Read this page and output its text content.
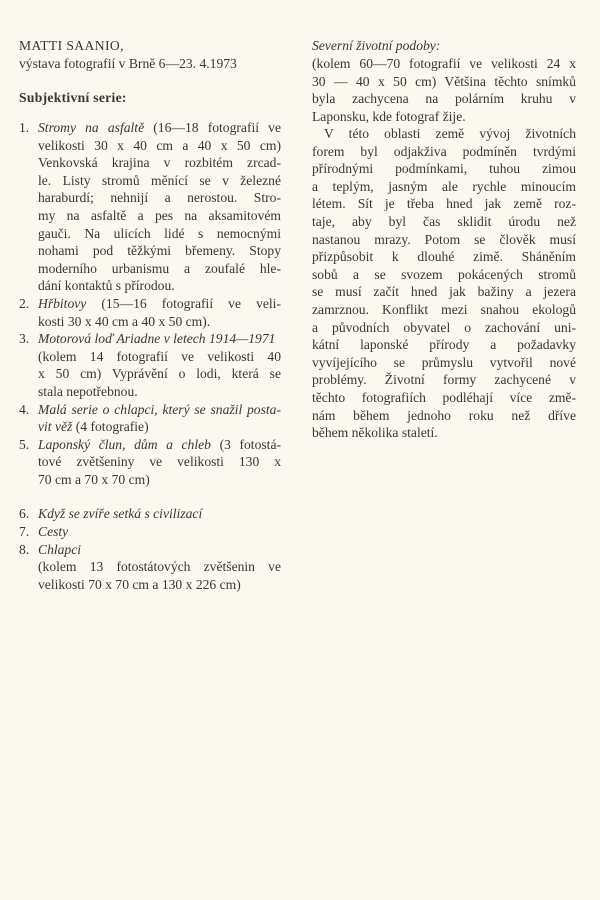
MATTI SAANIO,
výstava fotografií v Brně 6—23. 4.1973
Subjektivní serie:
1. Stromy na asfaltě (16—18 fotografií ve
velikosti 30 x 40 cm a 40 x 50 cm)
Venkovská krajina v rozbitém zrcad-
le. Listy stromů měnící se v železné
haraburdí; nehnijí a nerostou. Stro-
my na asfaltě a pes na aksamitovém
gauči. Na ulicích lidé s nemocnými
nohami pod těžkými břemeny. Stopy
moderního urbanismu a zoufalé hle-
dání kontaktů s přírodou.
2. Hřbitovy (15—16 fotografií ve veli-
kosti 30 x 40 cm a 40 x 50 cm).
3. Motorová loď Ariadne v letech 1914—1971
(kolem 14 fotografií ve velikosti 40
x 50 cm) Vyprávění o lodi, která se
stala nepotřebnou.
4. Malá serie o chlapci, který se snažil posta-
vit věž (4 fotografie)
5. Laponský člun, dům a chleb (3 fotostá-
tové zvětšeniny ve velikosti 130 x
70 cm a 70 x 70 cm)
6. Když se zvíře setká s civilizací
7. Cesty
8. Chlapci
(kolem 13 fotostátových zvětšenin ve
velikosti 70 x 70 cm a 130 x 226 cm)
Severní životní podoby:

(kolem 60—70 fotografií ve velikosti 24 x
30 — 40 x 50 cm) Většina těchto snímků
byla zachycena na polárním kruhu v
Laponsku, kde fotograf žije.

V této oblasti země vývoj životních
forem byl odjakživa podmíněn tvrdými
přírodnými podmínkami, tuhou zimou
a teplým, jasným ale rychle minoucím
létem. Sít je třeba hned jak země roz-
taje, aby byl čas sklidit úrodu než
nastanou mrazy. Potom se člověk musí
přizpůsobit k dlouhé zimě. Sháněním
sobů a se svozem pokácených stromů
se musí začít hned jak bažiny a jezera
zamrznou. Konflikt mezi snahou ekologů
a původních obyvatel o zachování uni-
kátní laponské přírody a požadavky
vyvíjejícího se průmyslu vytvořil nové
problémy. Životní formy zachycené v
těchto fotografiích podléhají více změ-
nám během jednoho roku než dříve
během několika staletí.
